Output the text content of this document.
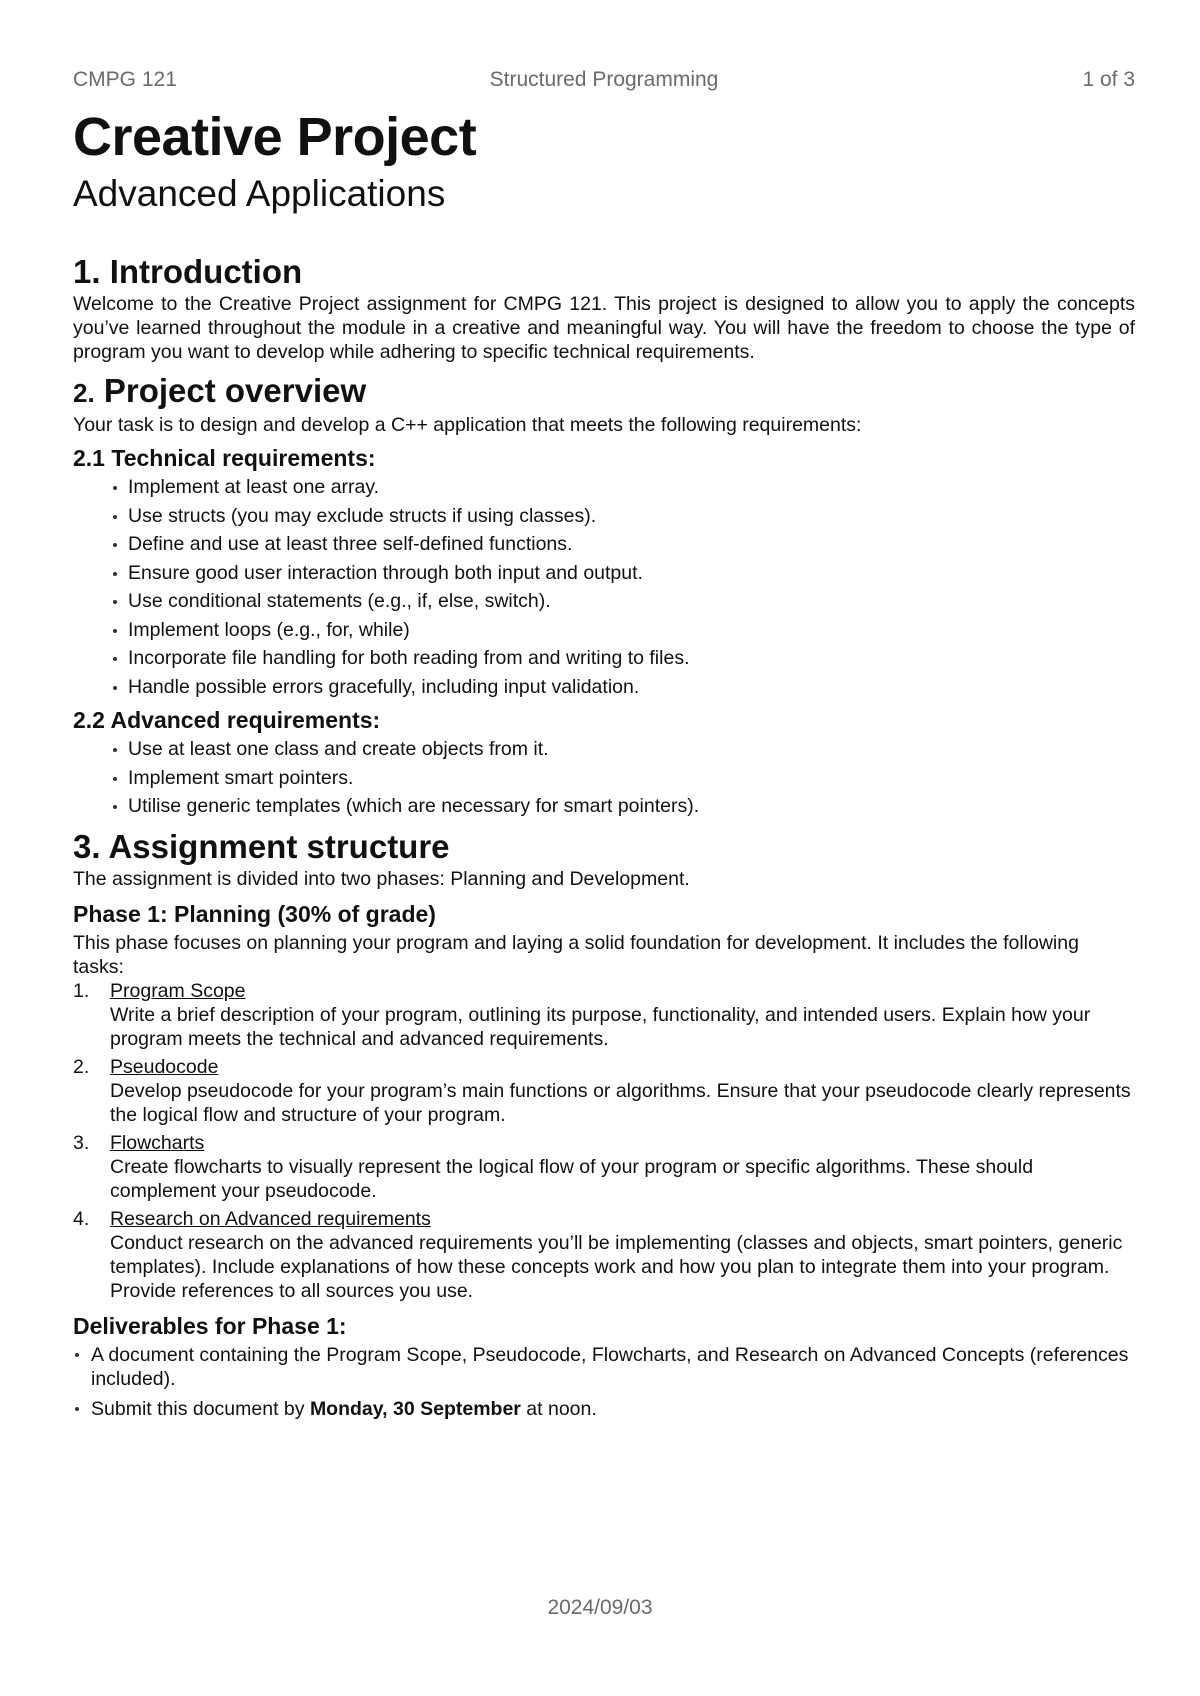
CMPG 121	Structured Programming	1 of 3
Creative Project
Advanced Applications
1. Introduction

Welcome to the Creative Project assignment for CMPG 121. This project is designed to allow you to apply the concepts you’ve learned throughout the module in a creative and meaningful way. You will have the freedom to choose the type of program you want to develop while adhering to specific technical requirements.

2. Project overview

Your task is to design and develop a C++ application that meets the following requirements:

2.1 Technical requirements:
Implement at least one array.
Use structs (you may exclude structs if using classes).
Define and use at least three self-defined functions.
Ensure good user interaction through both input and output.
Use conditional statements (e.g., if, else, switch).
Implement loops (e.g., for, while)
Incorporate file handling for both reading from and writing to files.
Handle possible errors gracefully, including input validation.
2.2 Advanced requirements:
Use at least one class and create objects from it.
Implement smart pointers.
Utilise generic templates (which are necessary for smart pointers).
3. Assignment structure

The assignment is divided into two phases: Planning and Development.

Phase 1: Planning (30% of grade)

This phase focuses on planning your program and laying a solid foundation for development. It includes the following tasks:

1. Program Scope
Write a brief description of your program, outlining its purpose, functionality, and intended users. Explain how your program meets the technical and advanced requirements.
2. Pseudocode
Develop pseudocode for your program’s main functions or algorithms. Ensure that your pseudocode clearly represents the logical flow and structure of your program.
3. Flowcharts
Create flowcharts to visually represent the logical flow of your program or specific algorithms. These should complement your pseudocode.
4. Research on Advanced requirements
Conduct research on the advanced requirements you’ll be implementing (classes and objects, smart pointers, generic templates). Include explanations of how these concepts work and how you plan to integrate them into your program. Provide references to all sources you use.
Deliverables for Phase 1:
A document containing the Program Scope, Pseudocode, Flowcharts, and Research on Advanced Concepts (references included).
Submit this document by Monday, 30 September at noon.
2024/09/03
